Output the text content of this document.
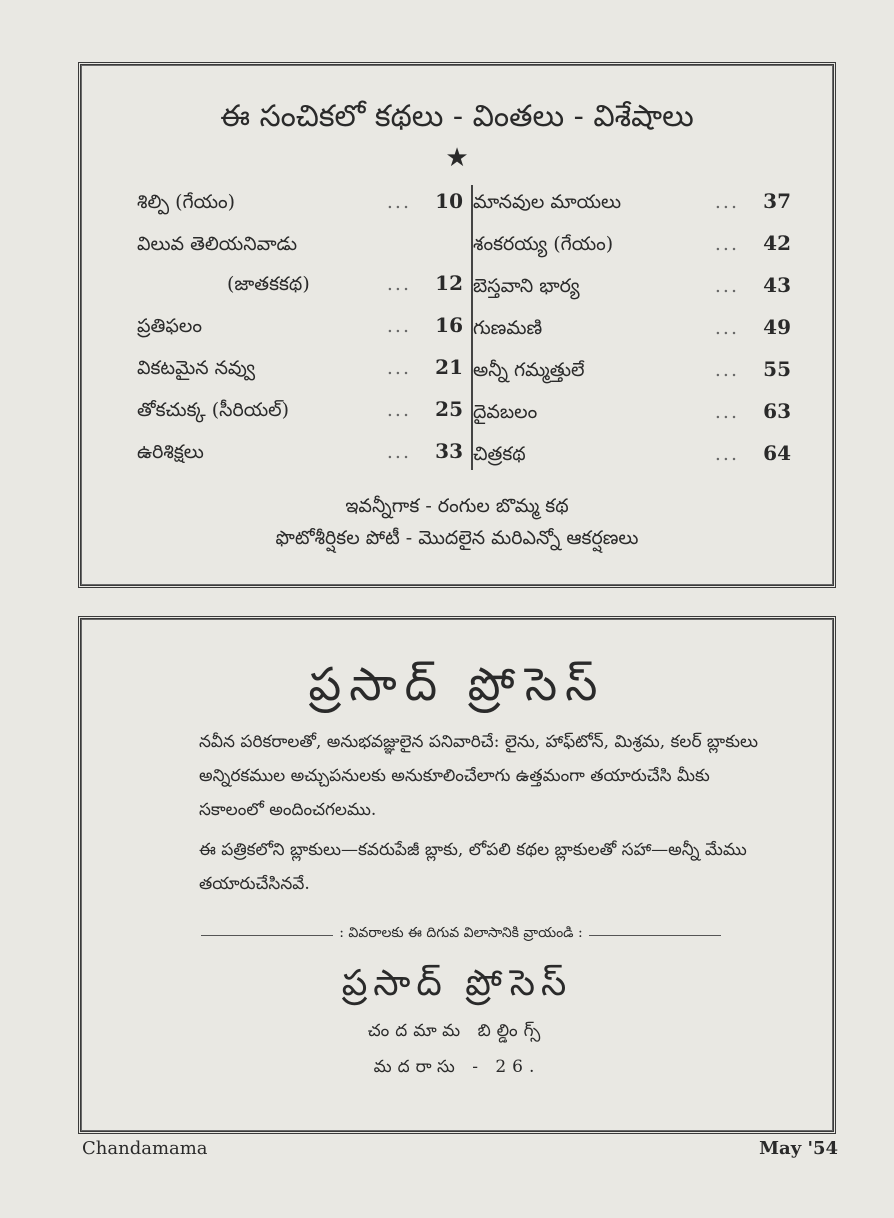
ఈ సంచికలో కథలు - వింతలు - విశేషాలు
★
శిల్పి (గేయం)	... 10
విలువ తెలియనివాడు
(జాతకకథ)	... 12
ప్రతిఫలం	... 16
వికటమైన నవ్వు	... 21
తోకచుక్క (సీరియల్)	... 25
ఉరిశిక్షలు	... 33
మానవుల మాయలు	... 37
శంకరయ్య (గేయం)	... 42
బెస్తవాని భార్య	... 43
గుణమణి	... 49
అన్నీ గమ్మత్తులే	... 55
దైవబలం	... 63
చిత్రకథ	... 64
ఇవన్నీగాక - రంగుల బొమ్మ కథ
ఫొటోశీర్షికల పోటీ - మొదలైన మరిఎన్నో ఆకర్షణలు
ప్రసాద్ ప్రోసెస్
నవీన పరికరాలతో, అనుభవజ్ఞులైన పనివారిచే: లైను, హాఫ్‌టోన్, మిశ్రమ, కలర్ బ్లాకులు అన్నిరకముల అచ్చుపనులకు అనుకూలించేలాగు ఉత్తమంగా తయారుచేసి మీకు సకాలంలో అందించగలము.
ఈ పత్రికలోని బ్లాకులు—కవరుపేజీ బ్లాకు, లోపలి కథల బ్లాకులతో సహా—అన్నీ మేము తయారుచేసినవే.
: వివరాలకు ఈ దిగువ విలాసానికి వ్రాయండి :
ప్రసాద్ ప్రోసెస్
చందమామ బిల్డింగ్స్
మదరాసు - 26.
Chandamama	May '54
